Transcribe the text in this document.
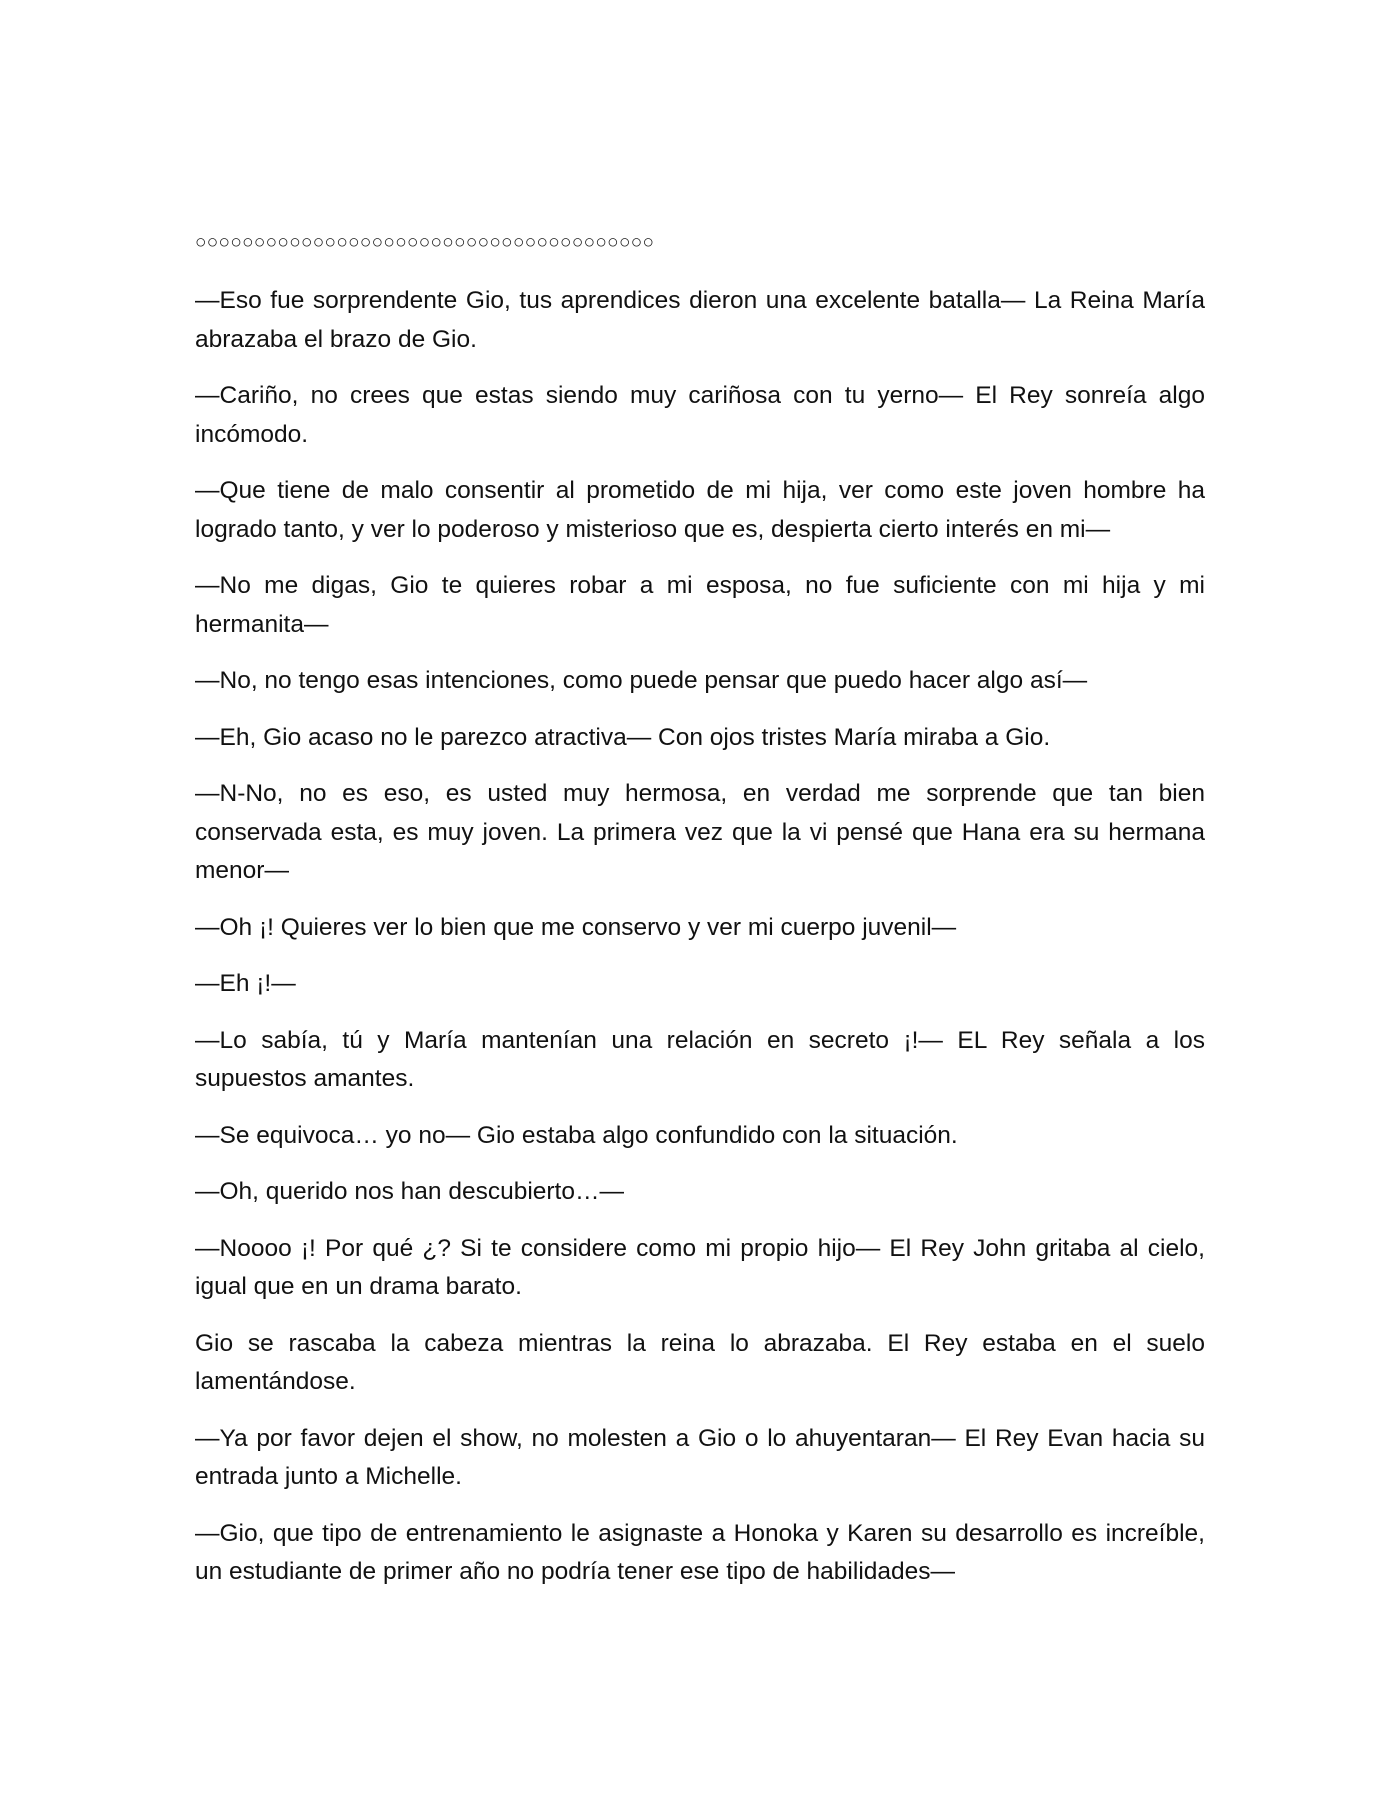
○○○○○○○○○○○○○○○○○○○○○○○○○○○○○○○○○○○○○○○

—Eso fue sorprendente Gio, tus aprendices dieron una excelente batalla— La Reina María abrazaba el brazo de Gio.

—Cariño, no crees que estas siendo muy cariñosa con tu yerno— El Rey sonreía algo incómodo.

—Que tiene de malo consentir al prometido de mi hija, ver como este joven hombre ha logrado tanto, y ver lo poderoso y misterioso que es, despierta cierto interés en mi—

—No me digas, Gio te quieres robar a mi esposa, no fue suficiente con mi hija y mi hermanita—

—No, no tengo esas intenciones, como puede pensar que puedo hacer algo así—

—Eh, Gio acaso no le parezco atractiva— Con ojos tristes María miraba a Gio.

—N-No, no es eso, es usted muy hermosa, en verdad me sorprende que tan bien conservada esta, es muy joven. La primera vez que la vi pensé que Hana era su hermana menor—

—Oh ¡! Quieres ver lo bien que me conservo y ver mi cuerpo juvenil—

—Eh ¡!—

—Lo sabía, tú y María mantenían una relación en secreto ¡!— EL Rey señala a los supuestos amantes.

—Se equivoca… yo no— Gio estaba algo confundido con la situación.

—Oh, querido nos han descubierto…—

—Noooo ¡! Por qué ¿? Si te considere como mi propio hijo— El Rey John gritaba al cielo, igual que en un drama barato.

Gio se rascaba la cabeza mientras la reina lo abrazaba. El Rey estaba en el suelo lamentándose.

—Ya por favor dejen el show, no molesten a Gio o lo ahuyentaran— El Rey Evan hacia su entrada junto a Michelle.

—Gio, que tipo de entrenamiento le asignaste a Honoka y Karen su desarrollo es increíble, un estudiante de primer año no podría tener ese tipo de habilidades—
